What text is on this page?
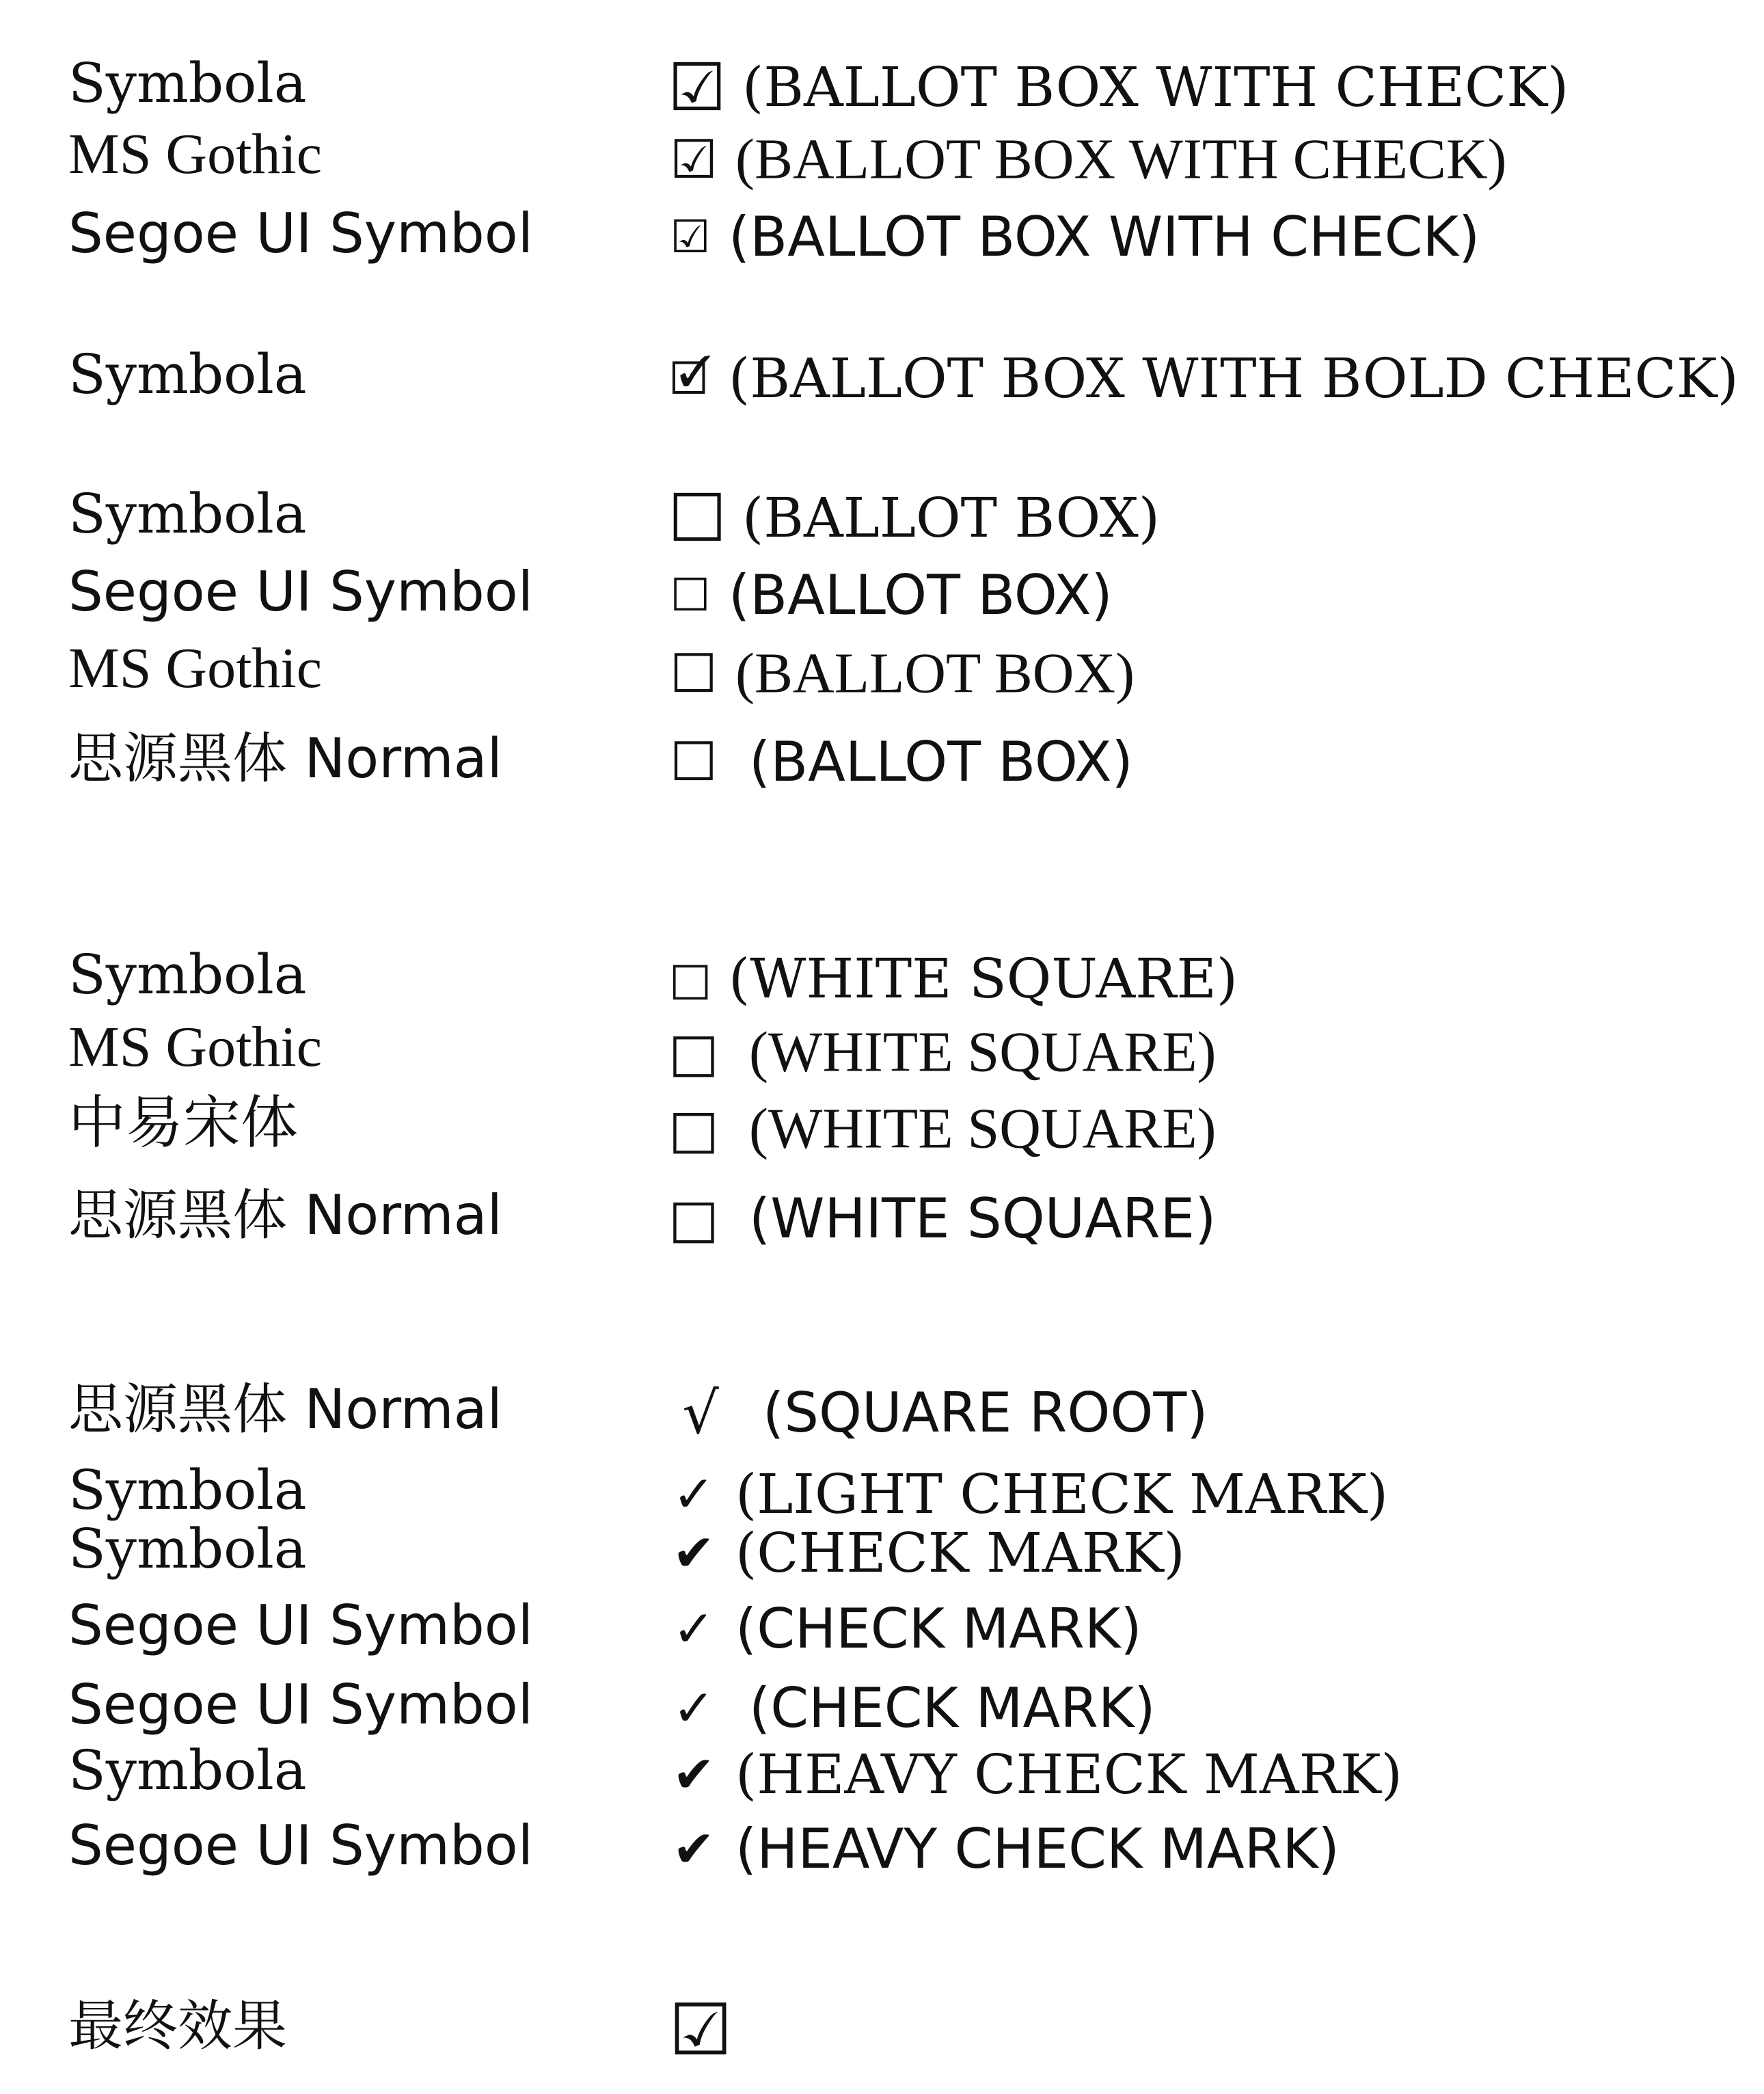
Symbola	☑ (BALLOT BOX WITH CHECK)
MS Gothic	☑ (BALLOT BOX WITH CHECK)
Segoe UI Symbol	☑ (BALLOT BOX WITH CHECK)
Symbola	🗹 (BALLOT BOX WITH BOLD CHECK)
Symbola	☐ (BALLOT BOX)
Segoe UI Symbol	☐ (BALLOT BOX)
MS Gothic	☐ (BALLOT BOX)
思源黑体 Normal	☐ (BALLOT BOX)
Symbola	□ (WHITE SQUARE)
MS Gothic	□ (WHITE SQUARE)
中易宋体	□ (WHITE SQUARE)
思源黑体 Normal	□ (WHITE SQUARE)
思源黑体 Normal	√ (SQUARE ROOT)
Symbola	✓ (LIGHT CHECK MARK)
Symbola	✔ (CHECK MARK)
Segoe UI Symbol	✓ (CHECK MARK)
Segoe UI Symbol	✓ (CHECK MARK)
Symbola	✔ (HEAVY CHECK MARK)
Segoe UI Symbol	✔ (HEAVY CHECK MARK)
最终效果	☑
